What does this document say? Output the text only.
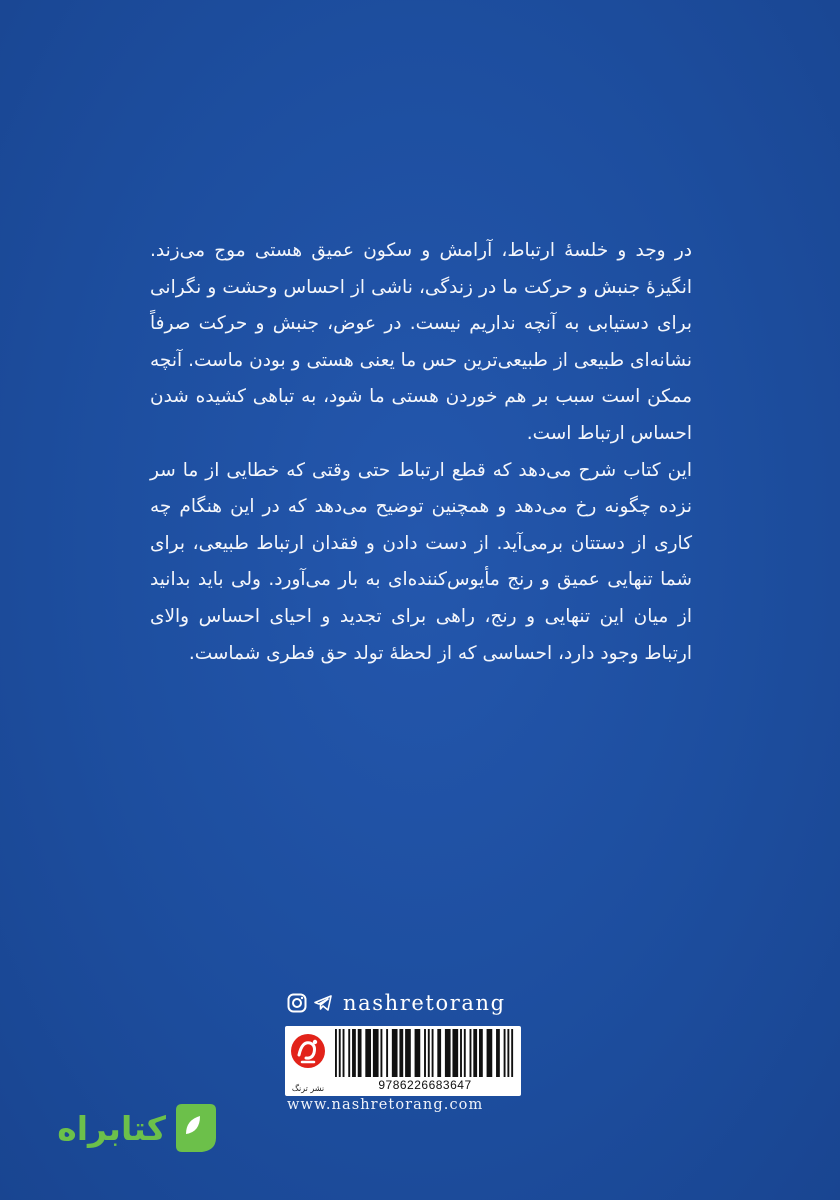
در وجد و خلسهٔ ارتباط، آرامش و سکون عمیق هستی موج می‌زند. انگیزهٔ جنبش و حرکت ما در زندگی، ناشی از احساس وحشت و نگرانی برای دستیابی به آنچه نداریم نیست. در عوض، جنبش و حرکت صرفاً نشانه‌ای طبیعی از طبیعی‌ترین حس ما یعنی هستی و بودن ماست. آنچه ممکن است سبب بر هم خوردن هستی ما شود، به تباهی کشیده شدن احساس ارتباط است.

این کتاب شرح می‌دهد که قطع ارتباط حتی وقتی که خطایی از ما سر نزده چگونه رخ می‌دهد و همچنین توضیح می‌دهد که در این هنگام چه کاری از دستتان برمی‌آید. از دست دادن و فقدان ارتباط طبیعی، برای شما تنهایی عمیق و رنج مأیوس‌کننده‌ای به بار می‌آورد. ولی باید بدانید از میان این تنهایی و رنج، راهی برای تجدید و احیای احساس والای ارتباط وجود دارد، احساسی که از لحظهٔ تولد حق فطری شماست.

nashretorang
نشر ترنگ	9786226683647
www.nashretorang.com
کتابراه
